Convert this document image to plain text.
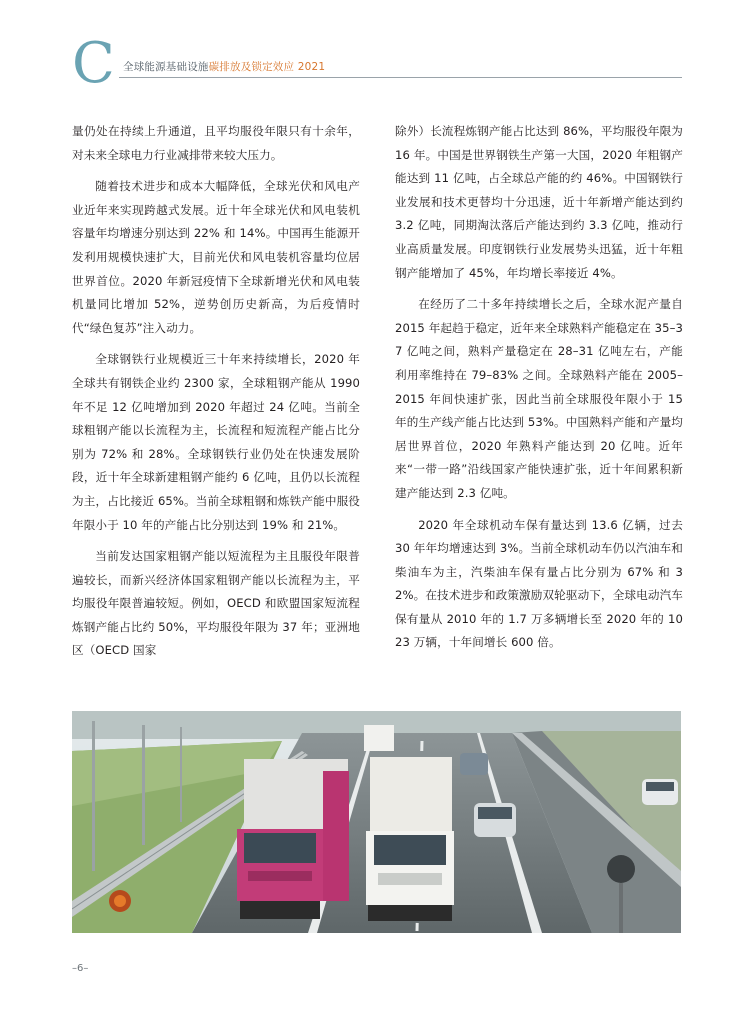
C 全球能源基础设施碳排放及锁定效应 2021

量仍处在持续上升通道，且平均服役年限只有十余年，对未来全球电力行业减排带来较大压力。

随着技术进步和成本大幅降低，全球光伏和风电产业近年来实现跨越式发展。近十年全球光伏和风电装机容量年均增速分别达到 22% 和 14%。中国再生能源开发利用规模快速扩大，目前光伏和风电装机容量均位居世界首位。2020 年新冠疫情下全球新增光伏和风电装机量同比增加 52%，逆势创历史新高，为后疫情时代“绿色复苏”注入动力。

全球钢铁行业规模近三十年来持续增长，2020 年全球共有钢铁企业约 2300 家，全球粗钢产能从 1990 年不足 12 亿吨增加到 2020 年超过 24 亿吨。当前全球粗钢产能以长流程为主，长流程和短流程产能占比分别为 72% 和 28%。全球钢铁行业仍处在快速发展阶段，近十年全球新建粗钢产能约 6 亿吨，且仍以长流程为主，占比接近 65%。当前全球粗钢和炼铁产能中服役年限小于 10 年的产能占比分别达到 19% 和 21%。

当前发达国家粗钢产能以短流程为主且服役年限普遍较长，而新兴经济体国家粗钢产能以长流程为主，平均服役年限普遍较短。例如，OECD 和欧盟国家短流程炼钢产能占比约 50%，平均服役年限为 37 年；亚洲地区（OECD 国家

除外）长流程炼钢产能占比达到 86%，平均服役年限为 16 年。中国是世界钢铁生产第一大国，2020 年粗钢产能达到 11 亿吨，占全球总产能的约 46%。中国钢铁行业发展和技术更替均十分迅速，近十年新增产能达到约 3.2 亿吨，同期淘汰落后产能达到约 3.3 亿吨，推动行业高质量发展。印度钢铁行业发展势头迅猛，近十年粗钢产能增加了 45%，年均增长率接近 4%。

在经历了二十多年持续增长之后，全球水泥产量自 2015 年起趋于稳定，近年来全球熟料产能稳定在 35–37 亿吨之间，熟料产量稳定在 28–31 亿吨左右，产能利用率维持在 79–83% 之间。全球熟料产能在 2005–2015 年间快速扩张，因此当前全球服役年限小于 15 年的生产线产能占比达到 53%。中国熟料产能和产量均居世界首位，2020 年熟料产能达到 20 亿吨。近年来“一带一路”沿线国家产能快速扩张，近十年间累积新建产能达到 2.3 亿吨。

2020 年全球机动车保有量达到 13.6 亿辆，过去 30 年年均增速达到 3%。当前全球机动车仍以汽油车和柴油车为主，汽柴油车保有量占比分别为 67% 和 32%。在技术进步和政策激励双轮驱动下，全球电动汽车保有量从 2010 年的 1.7 万多辆增长至 2020 年的 1023 万辆，十年间增长 600 倍。

–6–
